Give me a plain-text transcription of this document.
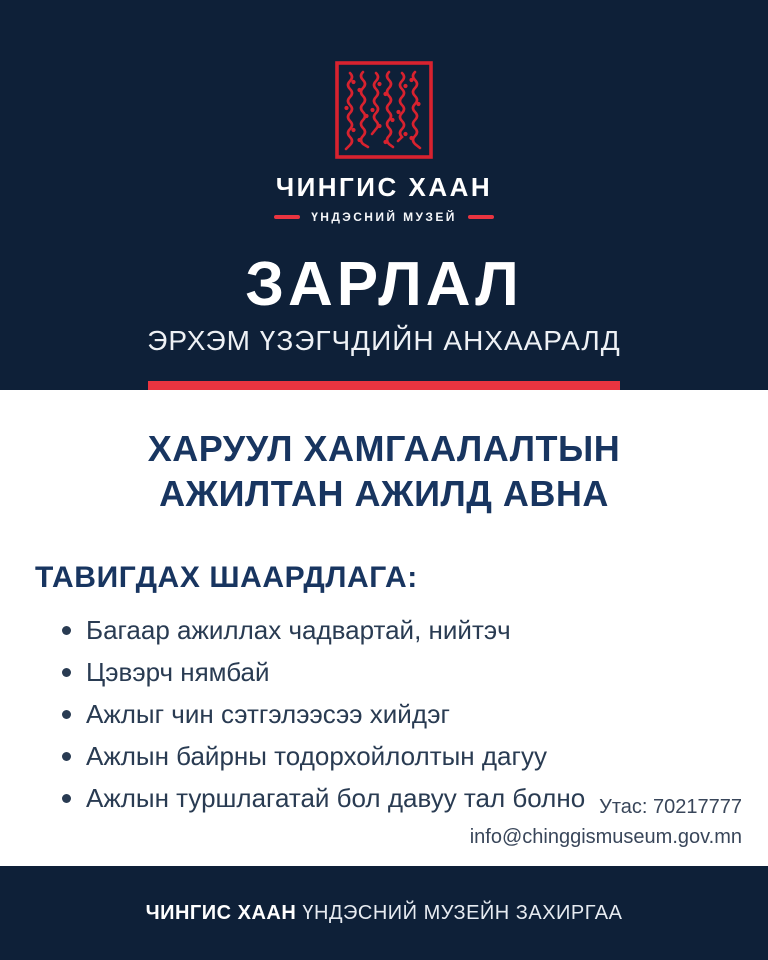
ЧИНГИС ХААН
ҮНДЭСНИЙ МУЗЕЙ
ЗАРЛАЛ
ЭРХЭМ ҮЗЭГЧДИЙН АНХААРАЛД
ХАРУУЛ ХАМГААЛАЛТЫН
АЖИЛТАН АЖИЛД АВНА
ТАВИГДАХ ШААРДЛАГА:
Багаар ажиллах чадвартай, нийтэч
Цэвэрч нямбай
Ажлыг чин сэтгэлээсээ хийдэг
Ажлын байрны тодорхойлолтын дагуу
Ажлын туршлагатай бол давуу тал болно Утас: 70217777
info@chinggismuseum.gov.mn
ЧИНГИС ХААН ҮНДЭСНИЙ МУЗЕЙН ЗАХИРГАА
